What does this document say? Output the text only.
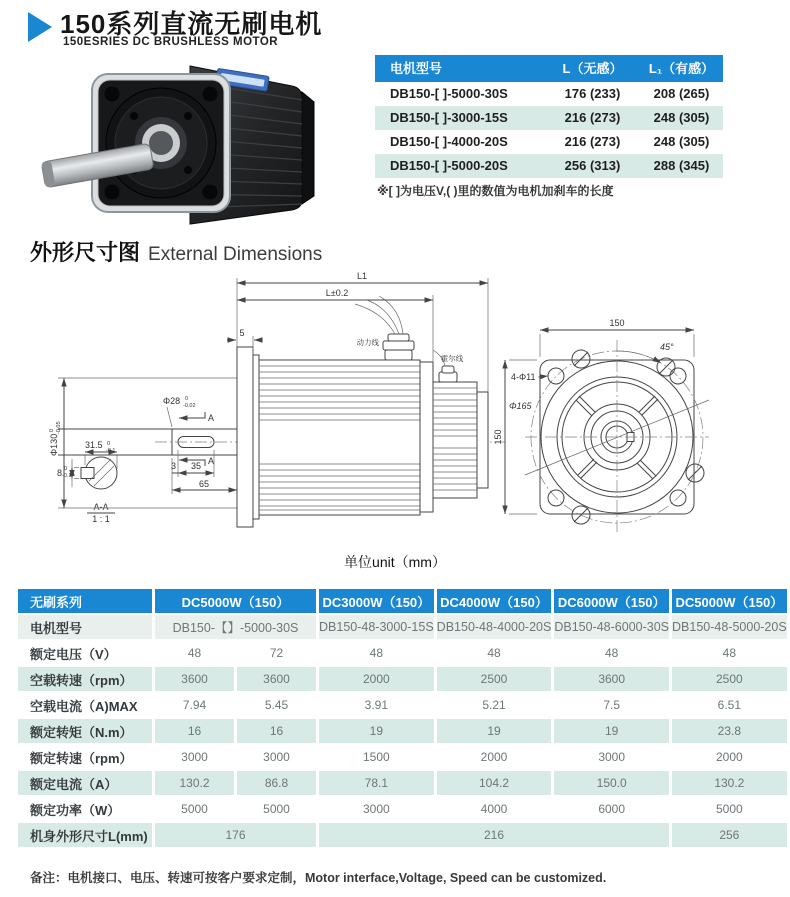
150系列直流无刷电机
150ESRIES DC BRUSHLESS MOTOR
电机型号	L（无感）	L₁（有感）
DB150-[ ]-5000-30S	176 (233)	208 (265)
DB150-[ ]-3000-15S	216 (273)	248 (305)
DB150-[ ]-4000-20S	216 (273)	248 (305)
DB150-[ ]-5000-20S	256 (313)	288 (345)
※[ ]为电压V,( )里的数值为电机加刹车的长度
外形尺寸图 External Dimensions
31.5 0
-0.1
8 0
-0.1
A-A
1 : 1
Φ130
0 -0.05
Φ28 0
-0.02
A
A
3 35
65
动力线
霍尔线
L1
L±0.2
5
4-Φ11
Φ165
45°
150
150
单位unit（mm）
无刷系列	DC5000W（150）		DC3000W（150）	DC4000W（150）	DC6000W（150）	DC5000W（150）
电机型号	DB150-【】-5000-30S		DB150-48-3000-15S	DB150-48-4000-20S	DB150-48-6000-30S	DB150-48-5000-20S
额定电压（V）	48	72	48	48	48	48
空载转速（rpm）	3600	3600	2000	2500	3600	2500
空载电流（A)MAX	7.94	5.45	3.91	5.21	7.5	6.51
额定转矩（N.m）	16	16	19	19	19	23.8
额定转速（rpm）	3000	3000	1500	2000	3000	2000
额定电流（A）	130.2	86.8	78.1	104.2	150.0	130.2
额定功率（W）	5000	5000	3000	4000	6000	5000
机身外形尺寸L(mm)	176		216			256
备注：电机接口、电压、转速可按客户要求定制，Motor interface,Voltage, Speed can be customized.
